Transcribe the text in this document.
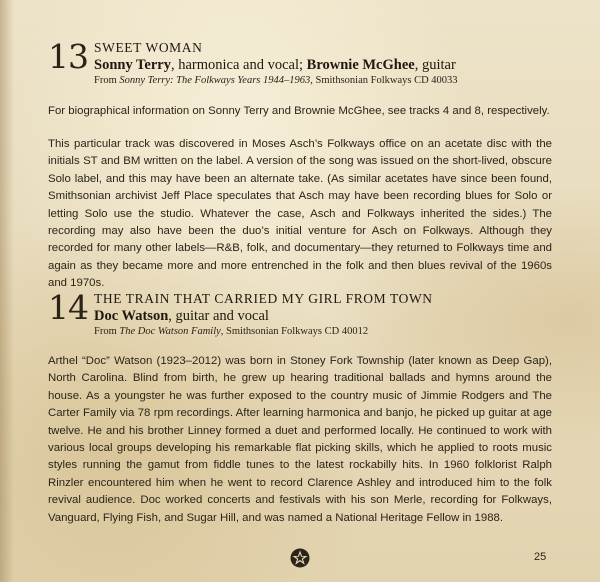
13 SWEET WOMAN
Sonny Terry, harmonica and vocal; Brownie McGhee, guitar
From Sonny Terry: The Folkways Years 1944–1963, Smithsonian Folkways CD 40033

For biographical information on Sonny Terry and Brownie McGhee, see tracks 4 and 8, respectively.

This particular track was discovered in Moses Asch’s Folkways office on an acetate disc with the initials ST and BM written on the label. A version of the song was issued on the short-lived, obscure Solo label, and this may have been an alternate take. (As similar acetates have since been found, Smithsonian archivist Jeff Place speculates that Asch may have been recording blues for Solo or letting Solo use the studio. Whatever the case, Asch and Folkways inherited the sides.) The recording may also have been the duo’s initial venture for Asch on Folkways. Although they recorded for many other labels—R&B, folk, and documentary—they returned to Folkways time and again as they became more and more entrenched in the folk and then blues revival of the 1960s and 1970s.

14 THE TRAIN THAT CARRIED MY GIRL FROM TOWN
Doc Watson, guitar and vocal
From The Doc Watson Family, Smithsonian Folkways CD 40012

Arthel “Doc” Watson (1923–2012) was born in Stoney Fork Township (later known as Deep Gap), North Carolina. Blind from birth, he grew up hearing traditional ballads and hymns around the house. As a youngster he was further exposed to the country music of Jimmie Rodgers and The Carter Family via 78 rpm recordings. After learning harmonica and banjo, he picked up guitar at age twelve. He and his brother Linney formed a duet and performed locally. He continued to work with various local groups developing his remarkable flat picking skills, which he applied to roots music styles running the gamut from fiddle tunes to the latest rockabilly hits. In 1960 folklorist Ralph Rinzler encountered him when he went to record Clarence Ashley and introduced him to the folk revival audience. Doc worked concerts and festivals with his son Merle, recording for Folkways, Vanguard, Flying Fish, and Sugar Hill, and was named a National Heritage Fellow in 1988.

25
